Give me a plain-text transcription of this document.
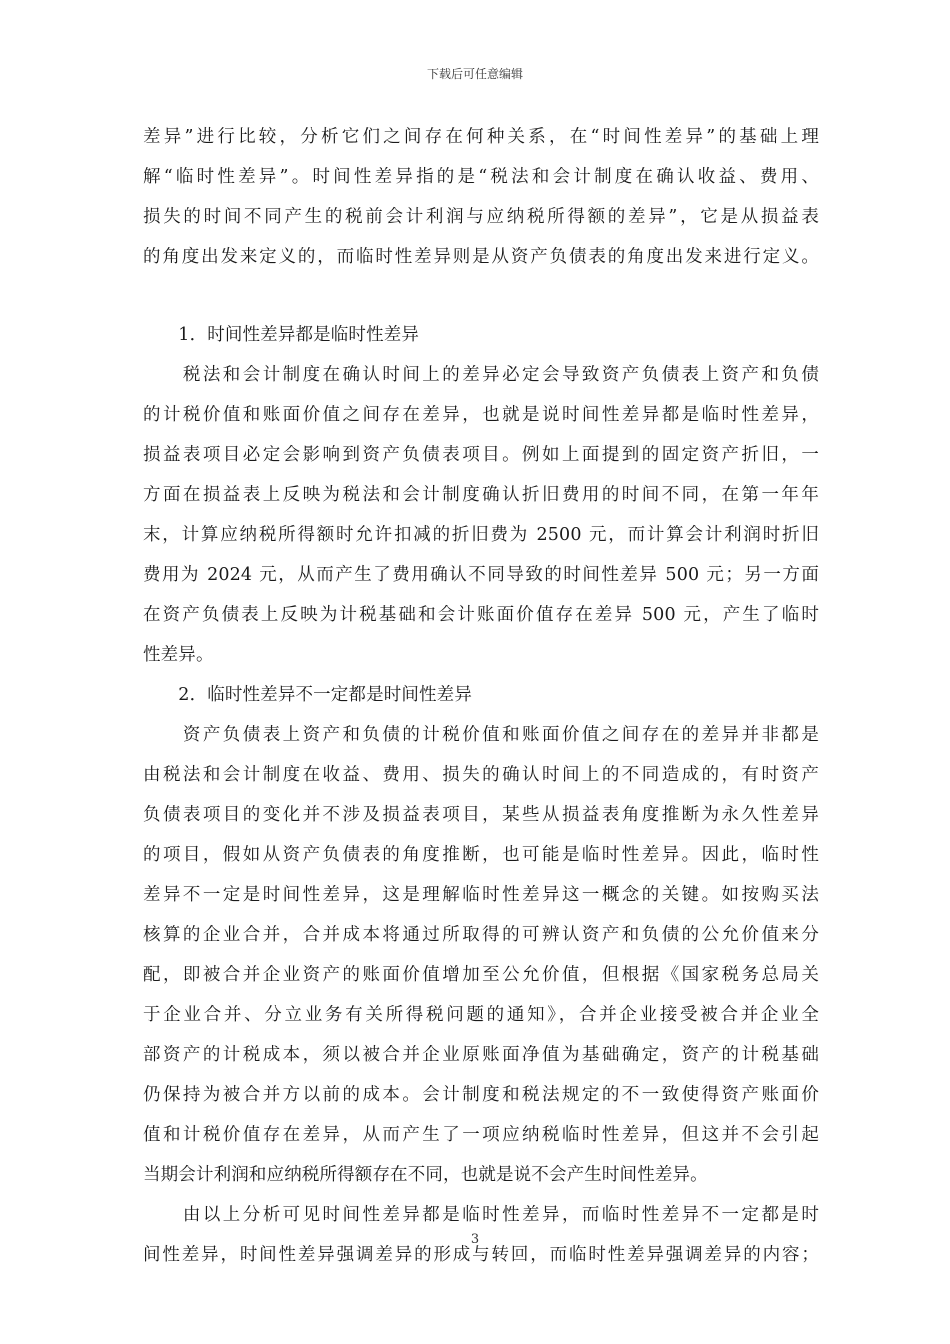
下载后可任意编辑
差异”进行比较，分析它们之间存在何种关系，在“时间性差异”的基础上理
解“临时性差异”。时间性差异指的是“税法和会计制度在确认收益、费用、
损失的时间不同产生的税前会计利润与应纳税所得额的差异”，它是从损益表
的角度出发来定义的，而临时性差异则是从资产负债表的角度出发来进行定义。
　　1．时间性差异都是临时性差异
　　税法和会计制度在确认时间上的差异必定会导致资产负债表上资产和负债
的计税价值和账面价值之间存在差异，也就是说时间性差异都是临时性差异，
损益表项目必定会影响到资产负债表项目。例如上面提到的固定资产折旧，一
方面在损益表上反映为税法和会计制度确认折旧费用的时间不同，在第一年年
末，计算应纳税所得额时允许扣减的折旧费为 2500 元，而计算会计利润时折旧
费用为 2024 元，从而产生了费用确认不同导致的时间性差异 500 元；另一方面
在资产负债表上反映为计税基础和会计账面价值存在差异 500 元，产生了临时
性差异。
　　2．临时性差异不一定都是时间性差异
　　资产负债表上资产和负债的计税价值和账面价值之间存在的差异并非都是
由税法和会计制度在收益、费用、损失的确认时间上的不同造成的，有时资产
负债表项目的变化并不涉及损益表项目，某些从损益表角度推断为永久性差异
的项目，假如从资产负债表的角度推断，也可能是临时性差异。因此，临时性
差异不一定是时间性差异，这是理解临时性差异这一概念的关键。如按购买法
核算的企业合并，合并成本将通过所取得的可辨认资产和负债的公允价值来分
配，即被合并企业资产的账面价值增加至公允价值，但根据《国家税务总局关
于企业合并、分立业务有关所得税问题的通知》，合并企业接受被合并企业全
部资产的计税成本，须以被合并企业原账面净值为基础确定，资产的计税基础
仍保持为被合并方以前的成本。会计制度和税法规定的不一致使得资产账面价
值和计税价值存在差异，从而产生了一项应纳税临时性差异，但这并不会引起
当期会计利润和应纳税所得额存在不同，也就是说不会产生时间性差异。
　　由以上分析可见时间性差异都是临时性差异，而临时性差异不一定都是时
间性差异，时间性差异强调差异的形成与转回，而临时性差异强调差异的内容；
3
